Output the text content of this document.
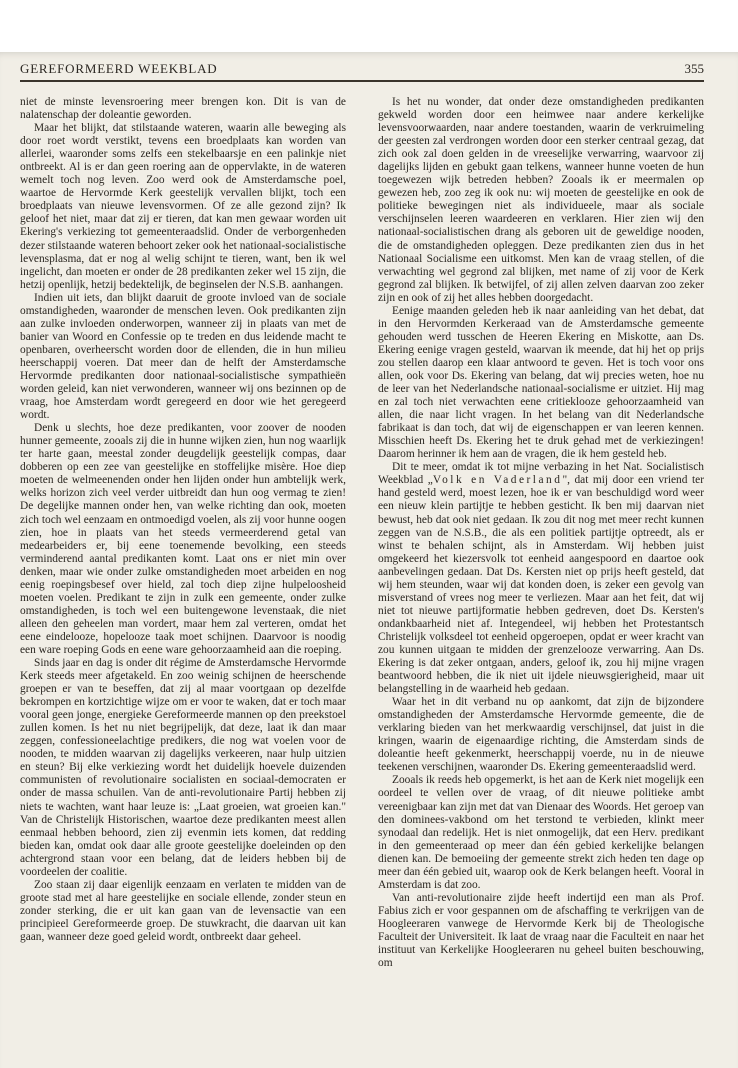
GEREFORMEERD WEEKBLAD	355

niet de minste levensroering meer brengen kon. Dit is van de nalatenschap der doleantie geworden.

Maar het blijkt, dat stilstaande wateren, waarin alle beweging als door roet wordt verstikt, tevens een broedplaats kan worden van allerlei, waaronder soms zelfs een stekelbaarsje en een palinkje niet ontbreekt. Al is er dan geen roering aan de oppervlakte, in de wateren wemelt toch nog leven. Zoo werd ook de Amsterdamsche poel, waartoe de Hervormde Kerk geestelijk vervallen blijkt, toch een broedplaats van nieuwe levensvormen. Of ze alle gezond zijn? Ik geloof het niet, maar dat zij er tieren, dat kan men gewaar worden uit Ekering's verkiezing tot gemeenteraadslid. Onder de verborgenheden dezer stilstaande wateren behoort zeker ook het nationaal-socialistische levensplasma, dat er nog al welig schijnt te tieren, want, ben ik wel ingelicht, dan moeten er onder de 28 predikanten zeker wel 15 zijn, die hetzij openlijk, hetzij bedektelijk, de beginselen der N.S.B. aanhangen.

Indien uit iets, dan blijkt daaruit de groote invloed van de sociale omstandigheden, waaronder de menschen leven. Ook predikanten zijn aan zulke invloeden onderworpen, wanneer zij in plaats van met de banier van Woord en Confessie op te treden en dus leidende macht te openbaren, overheerscht worden door de ellenden, die in hun milieu heerschappij voeren. Dat meer dan de helft der Amsterdamsche Hervormde predikanten door nationaal-socialistische sympathieën worden geleid, kan niet verwonderen, wanneer wij ons bezinnen op de vraag, hoe Amsterdam wordt geregeerd en door wie het geregeerd wordt.

Denk u slechts, hoe deze predikanten, voor zoover de nooden hunner gemeente, zooals zij die in hunne wijken zien, hun nog waarlijk ter harte gaan, meestal zonder deugdelijk geestelijk compas, daar dobberen op een zee van geestelijke en stoffelijke misère. Hoe diep moeten de welmeenenden onder hen lijden onder hun ambtelijk werk, welks horizon zich veel verder uitbreidt dan hun oog vermag te zien! De degelijke mannen onder hen, van welke richting dan ook, moeten zich toch wel eenzaam en ontmoedigd voelen, als zij voor hunne oogen zien, hoe in plaats van het steeds vermeerderend getal van medearbeiders er, bij eene toenemende bevolking, een steeds verminderend aantal predikanten komt. Laat ons er niet min over denken, maar wie onder zulke omstandigheden moet arbeiden en nog eenig roepingsbesef over hield, zal toch diep zijne hulpeloosheid moeten voelen. Predikant te zijn in zulk een gemeente, onder zulke omstandigheden, is toch wel een buitengewone levenstaak, die niet alleen den geheelen man vordert, maar hem zal verteren, omdat het eene eindelooze, hopelooze taak moet schijnen. Daarvoor is noodig een ware roeping Gods en eene ware gehoorzaamheid aan die roeping.

Sinds jaar en dag is onder dit régime de Amsterdamsche Hervormde Kerk steeds meer afgetakeld. En zoo weinig schijnen de heerschende groepen er van te beseffen, dat zij al maar voortgaan op dezelfde bekrompen en kortzichtige wijze om er voor te waken, dat er toch maar vooral geen jonge, energieke Gereformeerde mannen op den preekstoel zullen komen. Is het nu niet begrijpelijk, dat deze, laat ik dan maar zeggen, confessioneelachtige predikers, die nog wat voelen voor de nooden, te midden waarvan zij dagelijks verkeeren, naar hulp uitzien en steun? Bij elke verkiezing wordt het duidelijk hoevele duizenden communisten of revolutionaire socialisten en sociaal-democraten er onder de massa schuilen. Van de anti-revolutionaire Partij hebben zij niets te wachten, want haar leuze is: „Laat groeien, wat groeien kan." Van de Christelijk Historischen, waartoe deze predikanten meest allen eenmaal hebben behoord, zien zij evenmin iets komen, dat redding bieden kan, omdat ook daar alle groote geestelijke doeleinden op den achtergrond staan voor een belang, dat de leiders hebben bij de voordeelen der coalitie.

Zoo staan zij daar eigenlijk eenzaam en verlaten te midden van de groote stad met al hare geestelijke en sociale ellende, zonder steun en zonder sterking, die er uit kan gaan van de levensactie van een principieel Gereformeerde groep. De stuwkracht, die daarvan uit kan gaan, wanneer deze goed geleid wordt, ontbreekt daar geheel.

Is het nu wonder, dat onder deze omstandigheden predikanten gekweld worden door een heimwee naar andere kerkelijke levensvoorwaarden, naar andere toestanden, waarin de verkruimeling der geesten zal verdrongen worden door een sterker centraal gezag, dat zich ook zal doen gelden in de vreeselijke verwarring, waarvoor zij dagelijks lijden en gebukt gaan telkens, wanneer hunne voeten de hun toegewezen wijk betreden hebben? Zooals ik er meermalen op gewezen heb, zoo zeg ik ook nu: wij moeten de geestelijke en ook de politieke bewegingen niet als individueele, maar als sociale verschijnselen leeren waardeeren en verklaren. Hier zien wij den nationaal-socialistischen drang als geboren uit de geweldige nooden, die de omstandigheden opleggen. Deze predikanten zien dus in het Nationaal Socialisme een uitkomst. Men kan de vraag stellen, of die verwachting wel gegrond zal blijken, met name of zij voor de Kerk gegrond zal blijken. Ik betwijfel, of zij allen zelven daarvan zoo zeker zijn en ook of zij het alles hebben doorgedacht.

Eenige maanden geleden heb ik naar aanleiding van het debat, dat in den Hervormden Kerkeraad van de Amsterdamsche gemeente gehouden werd tusschen de Heeren Ekering en Miskotte, aan Ds. Ekering eenige vragen gesteld, waarvan ik meende, dat hij het op prijs zou stellen daarop een klaar antwoord te geven. Het is toch voor ons allen, ook voor Ds. Ekering van belang, dat wij precies weten, hoe nu de leer van het Nederlandsche nationaal-socialisme er uitziet. Hij mag en zal toch niet verwachten eene critieklooze gehoorzaamheid van allen, die naar licht vragen. In het belang van dit Nederlandsche fabrikaat is dan toch, dat wij de eigenschappen er van leeren kennen. Misschien heeft Ds. Ekering het te druk gehad met de verkiezingen! Daarom herinner ik hem aan de vragen, die ik hem gesteld heb.

Dit te meer, omdat ik tot mijne verbazing in het Nat. Socialistisch Weekblad „Volk en Vaderland", dat mij door een vriend ter hand gesteld werd, moest lezen, hoe ik er van beschuldigd word weer een nieuw klein partijtje te hebben gesticht. Ik ben mij daarvan niet bewust, heb dat ook niet gedaan. Ik zou dit nog met meer recht kunnen zeggen van de N.S.B., die als een politiek partijtje optreedt, als er winst te behalen schijnt, als in Amsterdam. Wij hebben juist omgekeerd het kiezersvolk tot eenheid aangespoord en daartoe ook aanbevelingen gedaan. Dat Ds. Kersten niet op prijs heeft gesteld, dat wij hem steunden, waar wij dat konden doen, is zeker een gevolg van misverstand of vrees nog meer te verliezen. Maar aan het feit, dat wij niet tot nieuwe partijformatie hebben gedreven, doet Ds. Kersten's ondankbaarheid niet af. Integendeel, wij hebben het Protestantsch Christelijk volksdeel tot eenheid opgeroepen, opdat er weer kracht van zou kunnen uitgaan te midden der grenzelooze verwarring. Aan Ds. Ekering is dat zeker ontgaan, anders, geloof ik, zou hij mijne vragen beantwoord hebben, die ik niet uit ijdele nieuwsgierigheid, maar uit belangstelling in de waarheid heb gedaan.

Waar het in dit verband nu op aankomt, dat zijn de bijzondere omstandigheden der Amsterdamsche Hervormde gemeente, die de verklaring bieden van het merkwaardig verschijnsel, dat juist in die kringen, waarin de eigenaardige richting, die Amsterdam sinds de doleantie heeft gekenmerkt, heerschappij voerde, nu in de nieuwe teekenen verschijnen, waaronder Ds. Ekering gemeenteraadslid werd.

Zooals ik reeds heb opgemerkt, is het aan de Kerk niet mogelijk een oordeel te vellen over de vraag, of dit nieuwe politieke ambt vereenigbaar kan zijn met dat van Dienaar des Woords. Het geroep van den dominees-vakbond om het terstond te verbieden, klinkt meer synodaal dan redelijk. Het is niet onmogelijk, dat een Herv. predikant in den gemeenteraad op meer dan één gebied kerkelijke belangen dienen kan. De bemoeiing der gemeente strekt zich heden ten dage op meer dan één gebied uit, waarop ook de Kerk belangen heeft. Vooral in Amsterdam is dat zoo.

Van anti-revolutionaire zijde heeft indertijd een man als Prof. Fabius zich er voor gespannen om de afschaffing te verkrijgen van de Hoogleeraren vanwege de Hervormde Kerk bij de Theologische Faculteit der Universiteit. Ik laat de vraag naar die Faculteit en naar het instituut van Kerkelijke Hoogleeraren nu geheel buiten beschouwing, om
